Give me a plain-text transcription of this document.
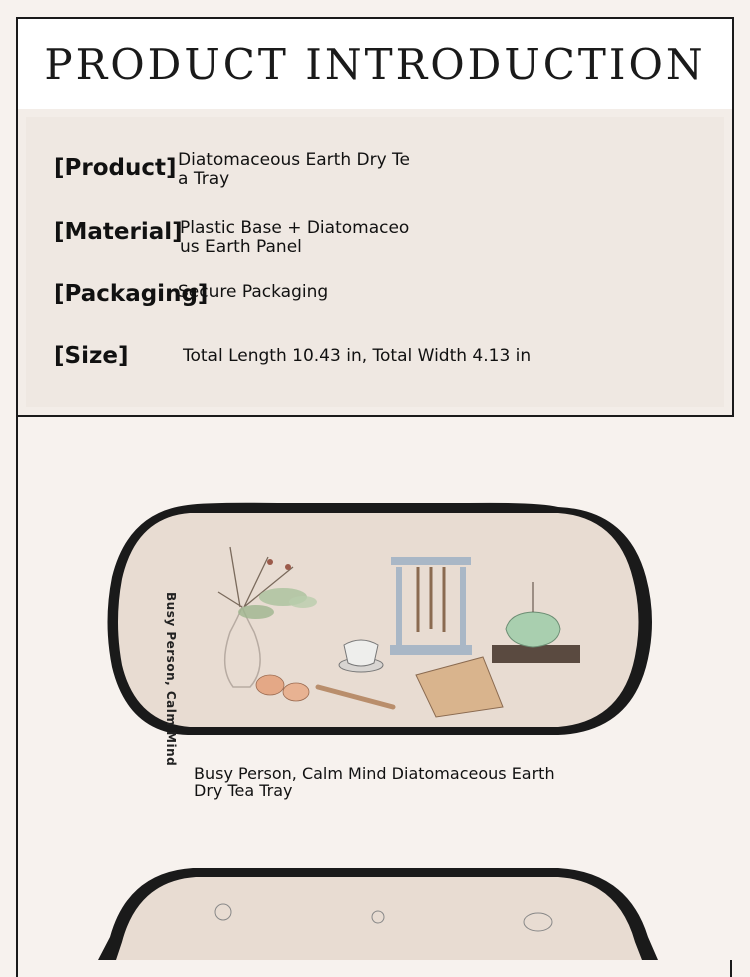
PRODUCT INTRODUCTION
[Product] Diatomaceous Earth Dry Tea Tray
[Material]
Plastic Base + Diatomaceous Earth Panel
[Packaging]
Secure Packaging
[Size]	Total Length 10.43 in, Total Width 4.13 in
Busy Person, Calm Mind
Busy Person, Calm Mind Diatomaceous Earth Dry Tea Tray
